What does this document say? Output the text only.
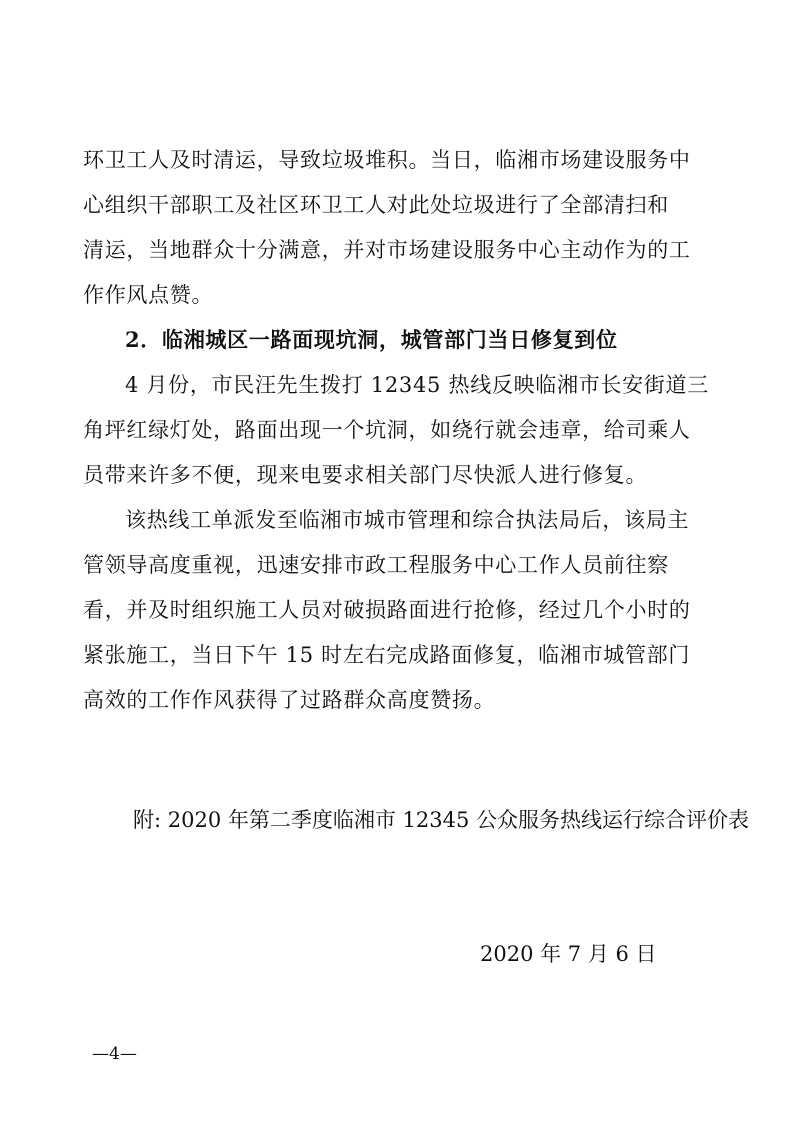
环卫工人及时清运，导致垃圾堆积。当日，临湘市场建设服务中
心组织干部职工及社区环卫工人对此处垃圾进行了全部清扫和
清运，当地群众十分满意，并对市场建设服务中心主动作为的工
作作风点赞。
2．临湘城区一路面现坑洞，城管部门当日修复到位
4 月份，市民汪先生拨打 12345 热线反映临湘市长安街道三
角坪红绿灯处，路面出现一个坑洞，如绕行就会违章，给司乘人
员带来许多不便，现来电要求相关部门尽快派人进行修复。
该热线工单派发至临湘市城市管理和综合执法局后，该局主
管领导高度重视，迅速安排市政工程服务中心工作人员前往察
看，并及时组织施工人员对破损路面进行抢修，经过几个小时的
紧张施工，当日下午 15 时左右完成路面修复，临湘市城管部门
高效的工作作风获得了过路群众高度赞扬。
附: 2020 年第二季度临湘市 12345 公众服务热线运行综合评价表
2020 年 7 月 6 日
—4—
